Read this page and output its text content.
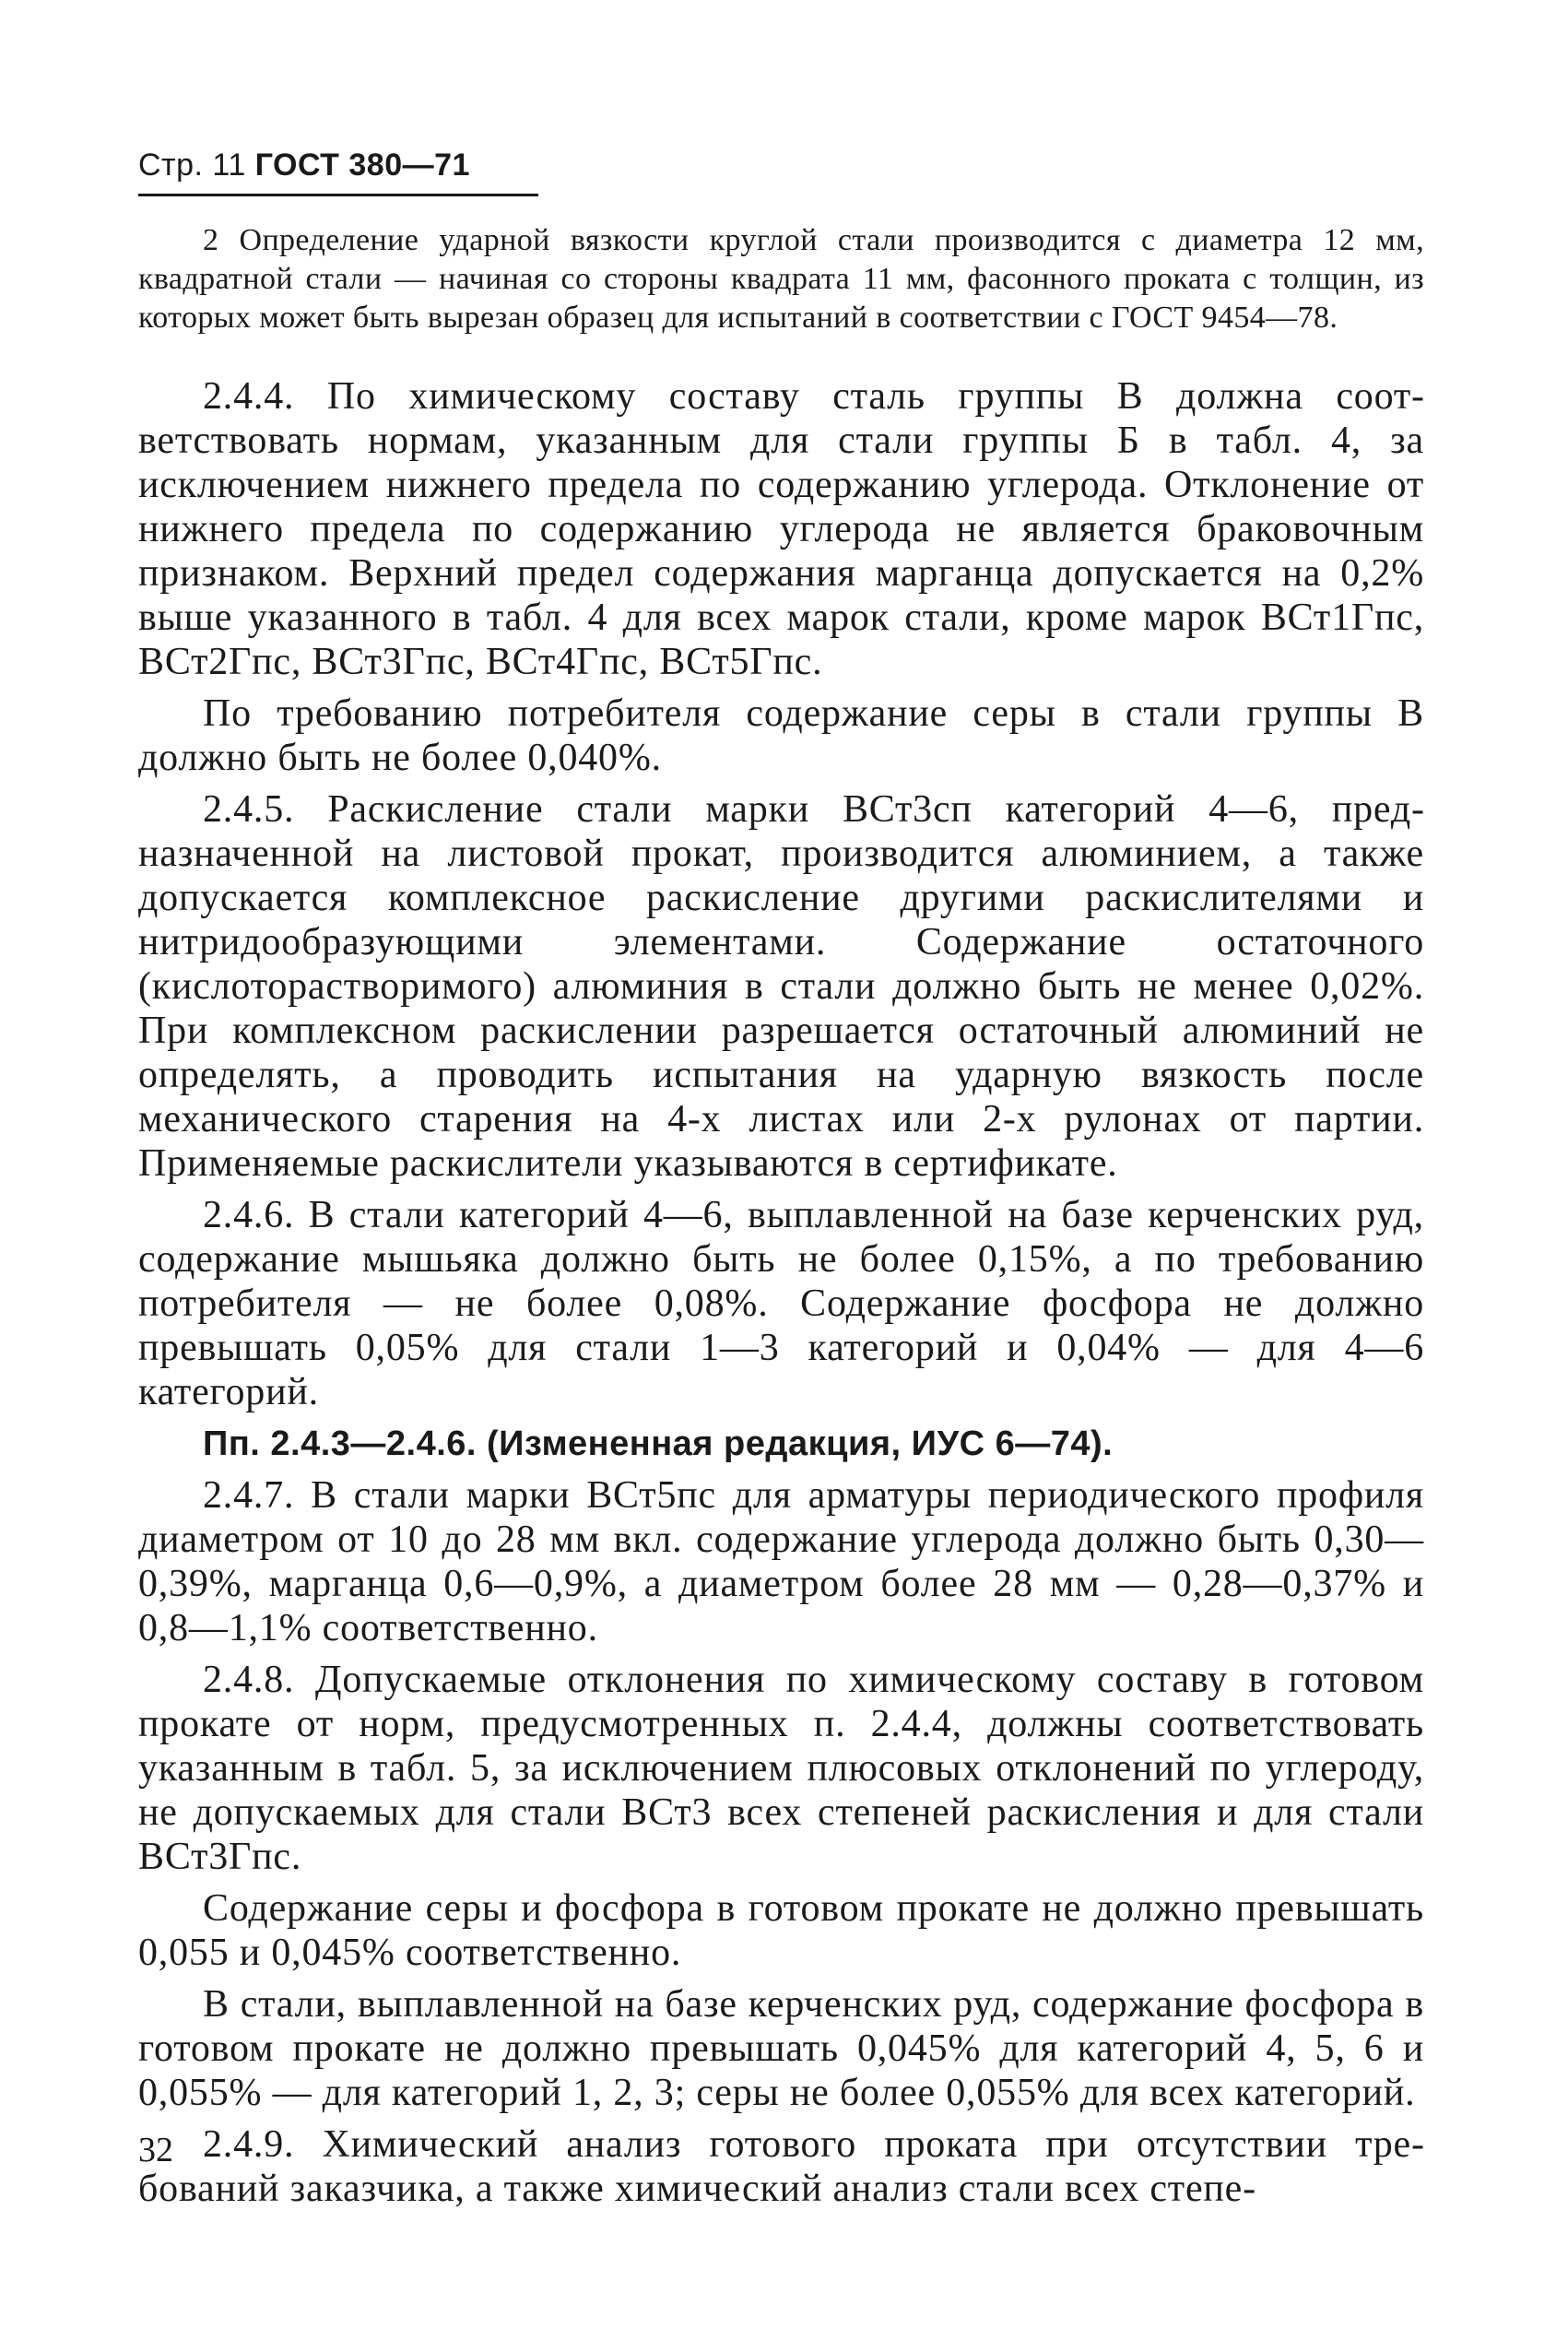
Стр. 11 ГОСТ 380—71

2 Определение ударной вязкости круглой стали производится с диаметра 12 мм, квадратной стали — начиная со стороны квадрата 11 мм, фасонного проката с толщин, из которых может быть вырезан образец для испытаний в соответствии с ГОСТ 9454—78.

2.4.4. По химическому составу сталь группы В должна соответствовать нормам, указанным для стали группы Б в табл. 4, за исключением нижнего предела по содержанию углерода. Отклонение от нижнего предела по содержанию углерода не является браковочным признаком. Верхний предел содержания марганца допускается на 0,2% выше указанного в табл. 4 для всех марок стали, кроме марок ВСт1Гпс, ВСт2Гпс, ВСт3Гпс, ВСт4Гпс, ВСт5Гпс.

По требованию потребителя содержание серы в стали группы В должно быть не более 0,040%.

2.4.5. Раскисление стали марки ВСт3сп категорий 4—6, предназначенной на листовой прокат, производится алюминием, а также допускается комплексное раскисление другими раскислителями и нитридообразующими элементами. Содержание остаточного (кислоторастворимого) алюминия в стали должно быть не менее 0,02%. При комплексном раскислении разрешается остаточный алюминий не определять, а проводить испытания на ударную вязкость после механического старения на 4-х листах или 2-х рулонах от партии. Применяемые раскислители указываются в сертификате.

2.4.6. В стали категорий 4—6, выплавленной на базе керченских руд, содержание мышьяка должно быть не более 0,15%, а по требованию потребителя — не более 0,08%. Содержание фосфора не должно превышать 0,05% для стали 1—3 категорий и 0,04% — для 4—6 категорий.

Пп. 2.4.3—2.4.6. (Измененная редакция, ИУС 6—74).

2.4.7. В стали марки ВСт5пс для арматуры периодического профиля диаметром от 10 до 28 мм вкл. содержание углерода должно быть 0,30—0,39%, марганца 0,6—0,9%, а диаметром более 28 мм — 0,28—0,37% и 0,8—1,1% соответственно.

2.4.8. Допускаемые отклонения по химическому составу в готовом прокате от норм, предусмотренных п. 2.4.4, должны соответствовать указанным в табл. 5, за исключением плюсовых отклонений по углероду, не допускаемых для стали ВСт3 всех степеней раскисления и для стали ВСт3Гпс.

Содержание серы и фосфора в готовом прокате не должно превышать 0,055 и 0,045% соответственно.

В стали, выплавленной на базе керченских руд, содержание фосфора в готовом прокате не должно превышать 0,045% для категорий 4, 5, 6 и 0,055% — для категорий 1, 2, 3; серы не более 0,055% для всех категорий.

2.4.9. Химический анализ готового проката при отсутствии требований заказчика, а также химический анализ стали всех степе-

32
